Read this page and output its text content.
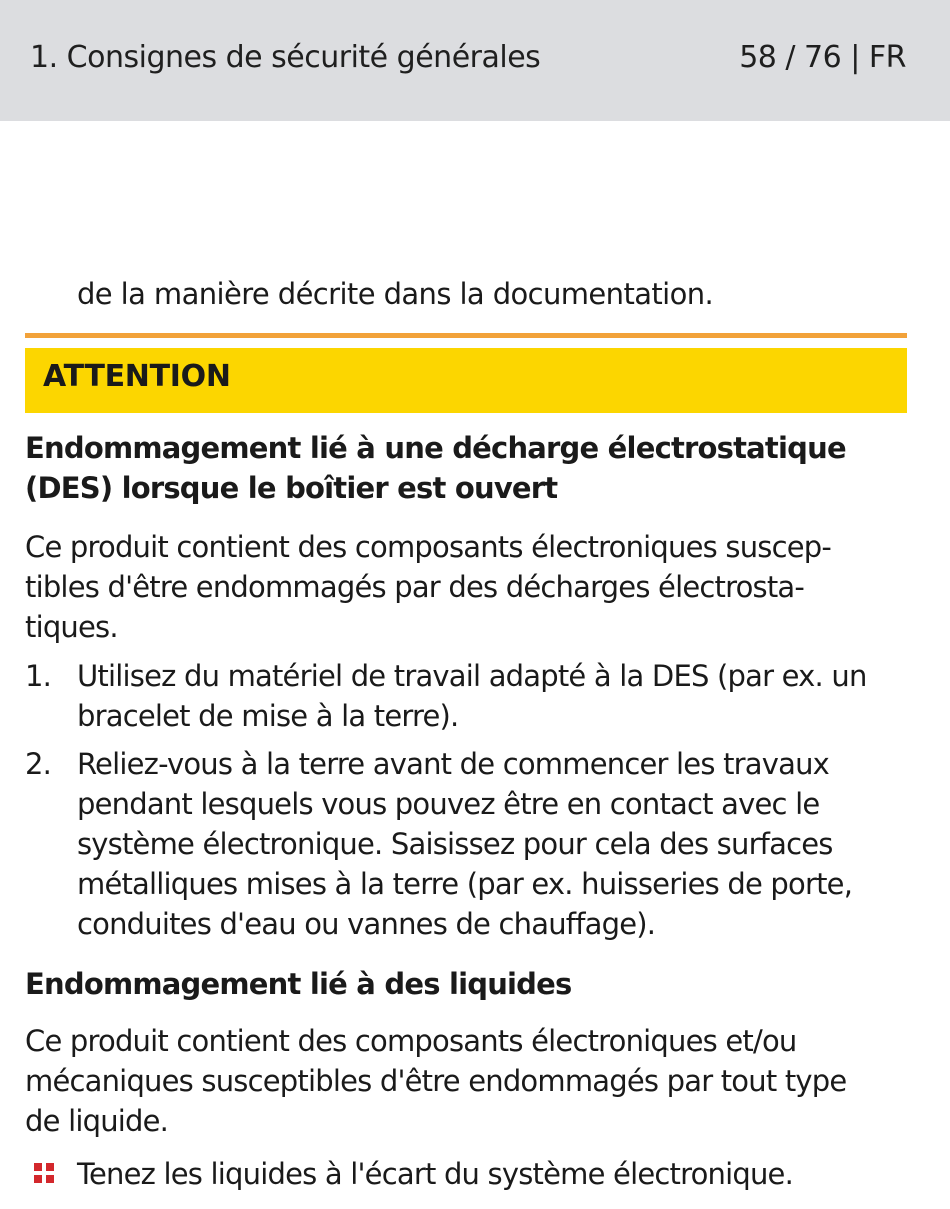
1. Consignes de sécurité générales	58 / 76 | FR
de la manière décrite dans la documentation.
ATTENTION
Endommagement lié à une décharge électrostatique
(DES) lorsque le boîtier est ouvert
Ce produit contient des composants électroniques suscep-
tibles d'être endommagés par des décharges électrosta-
tiques.
1. Utilisez du matériel de travail adapté à la DES (par ex. un
bracelet de mise à la terre).
2. Reliez-vous à la terre avant de commencer les travaux
pendant lesquels vous pouvez être en contact avec le
système électronique. Saisissez pour cela des surfaces
métalliques mises à la terre (par ex. huisseries de porte,
conduites d'eau ou vannes de chauffage).
Endommagement lié à des liquides
Ce produit contient des composants électroniques et/ou
mécaniques susceptibles d'être endommagés par tout type
de liquide.
Tenez les liquides à l'écart du système électronique.
